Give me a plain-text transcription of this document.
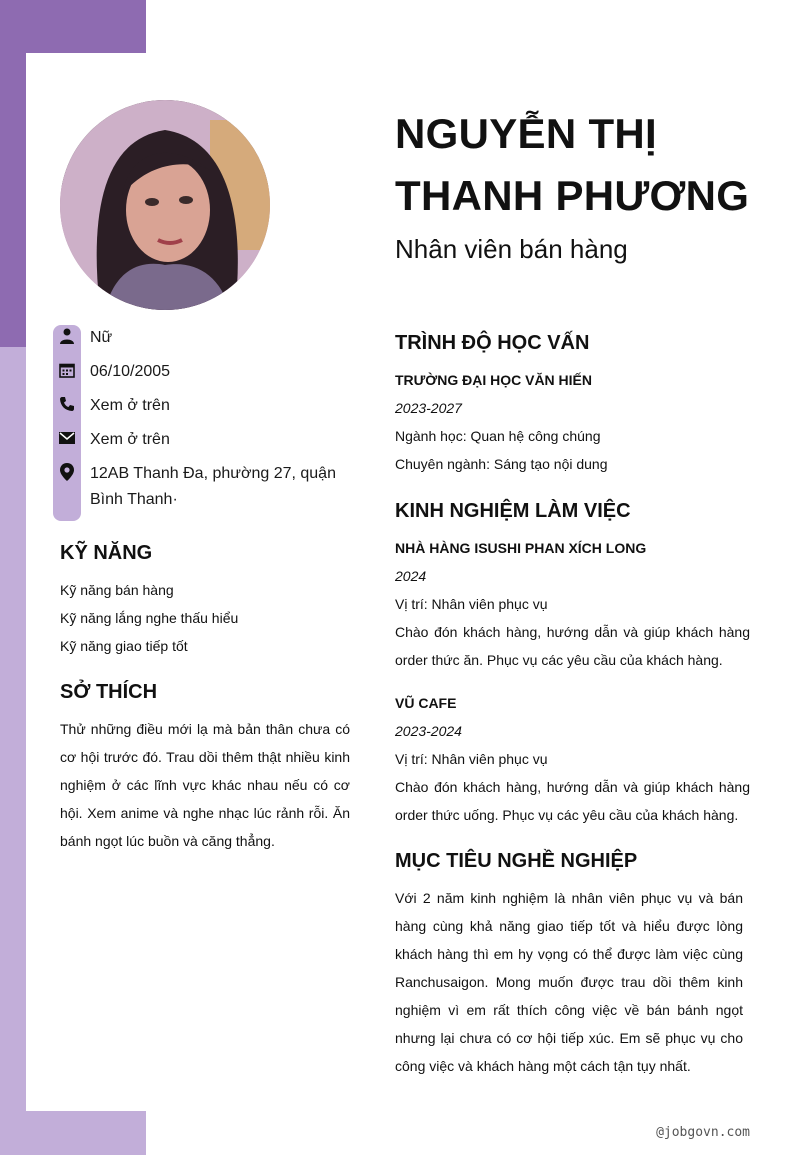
Nữ
06/10/2005
Xem ở trên
Xem ở trên
12AB Thanh Đa, phường 27, quận Bình Thanh·
KỸ NĂNG
Kỹ năng bán hàng
Kỹ năng lắng nghe thấu hiểu
Kỹ năng giao tiếp tốt
SỞ THÍCH
Thử những điều mới lạ mà bản thân chưa có cơ hội trước đó. Trau dồi thêm thật nhiều kinh nghiệm ở các lĩnh vực khác nhau nếu có cơ hội. Xem anime và nghe nhạc lúc rảnh rỗi. Ăn bánh ngọt lúc buồn và căng thẳng.
NGUYỄN THỊ
THANH PHƯƠNG
Nhân viên bán hàng
TRÌNH ĐỘ HỌC VẤN
TRƯỜNG ĐẠI HỌC VĂN HIẾN
2023-2027
Ngành học: Quan hệ công chúng
Chuyên ngành: Sáng tạo nội dung
KINH NGHIỆM LÀM VIỆC
NHÀ HÀNG ISUSHI PHAN XÍCH LONG
2024
Vị trí: Nhân viên phục vụ
Chào đón khách hàng, hướng dẫn và giúp khách hàng order thức ăn. Phục vụ các yêu cầu của khách hàng.
VŨ CAFE
2023-2024
Vị trí: Nhân viên phục vụ
Chào đón khách hàng, hướng dẫn và giúp khách hàng order thức uống. Phục vụ các yêu cầu của khách hàng.
MỤC TIÊU NGHỀ NGHIỆP
Với 2 năm kinh nghiệm là nhân viên phục vụ và bán hàng cùng khả năng giao tiếp tốt và hiểu được lòng khách hàng thì em hy vọng có thể được làm việc cùng Ranchusaigon. Mong muốn được trau dồi thêm kinh nghiệm vì em rất thích công việc về bán bánh ngọt nhưng lại chưa có cơ hội tiếp xúc. Em sẽ phục vụ cho công việc và khách hàng một cách tận tụy nhất.
@jobgovn.com
